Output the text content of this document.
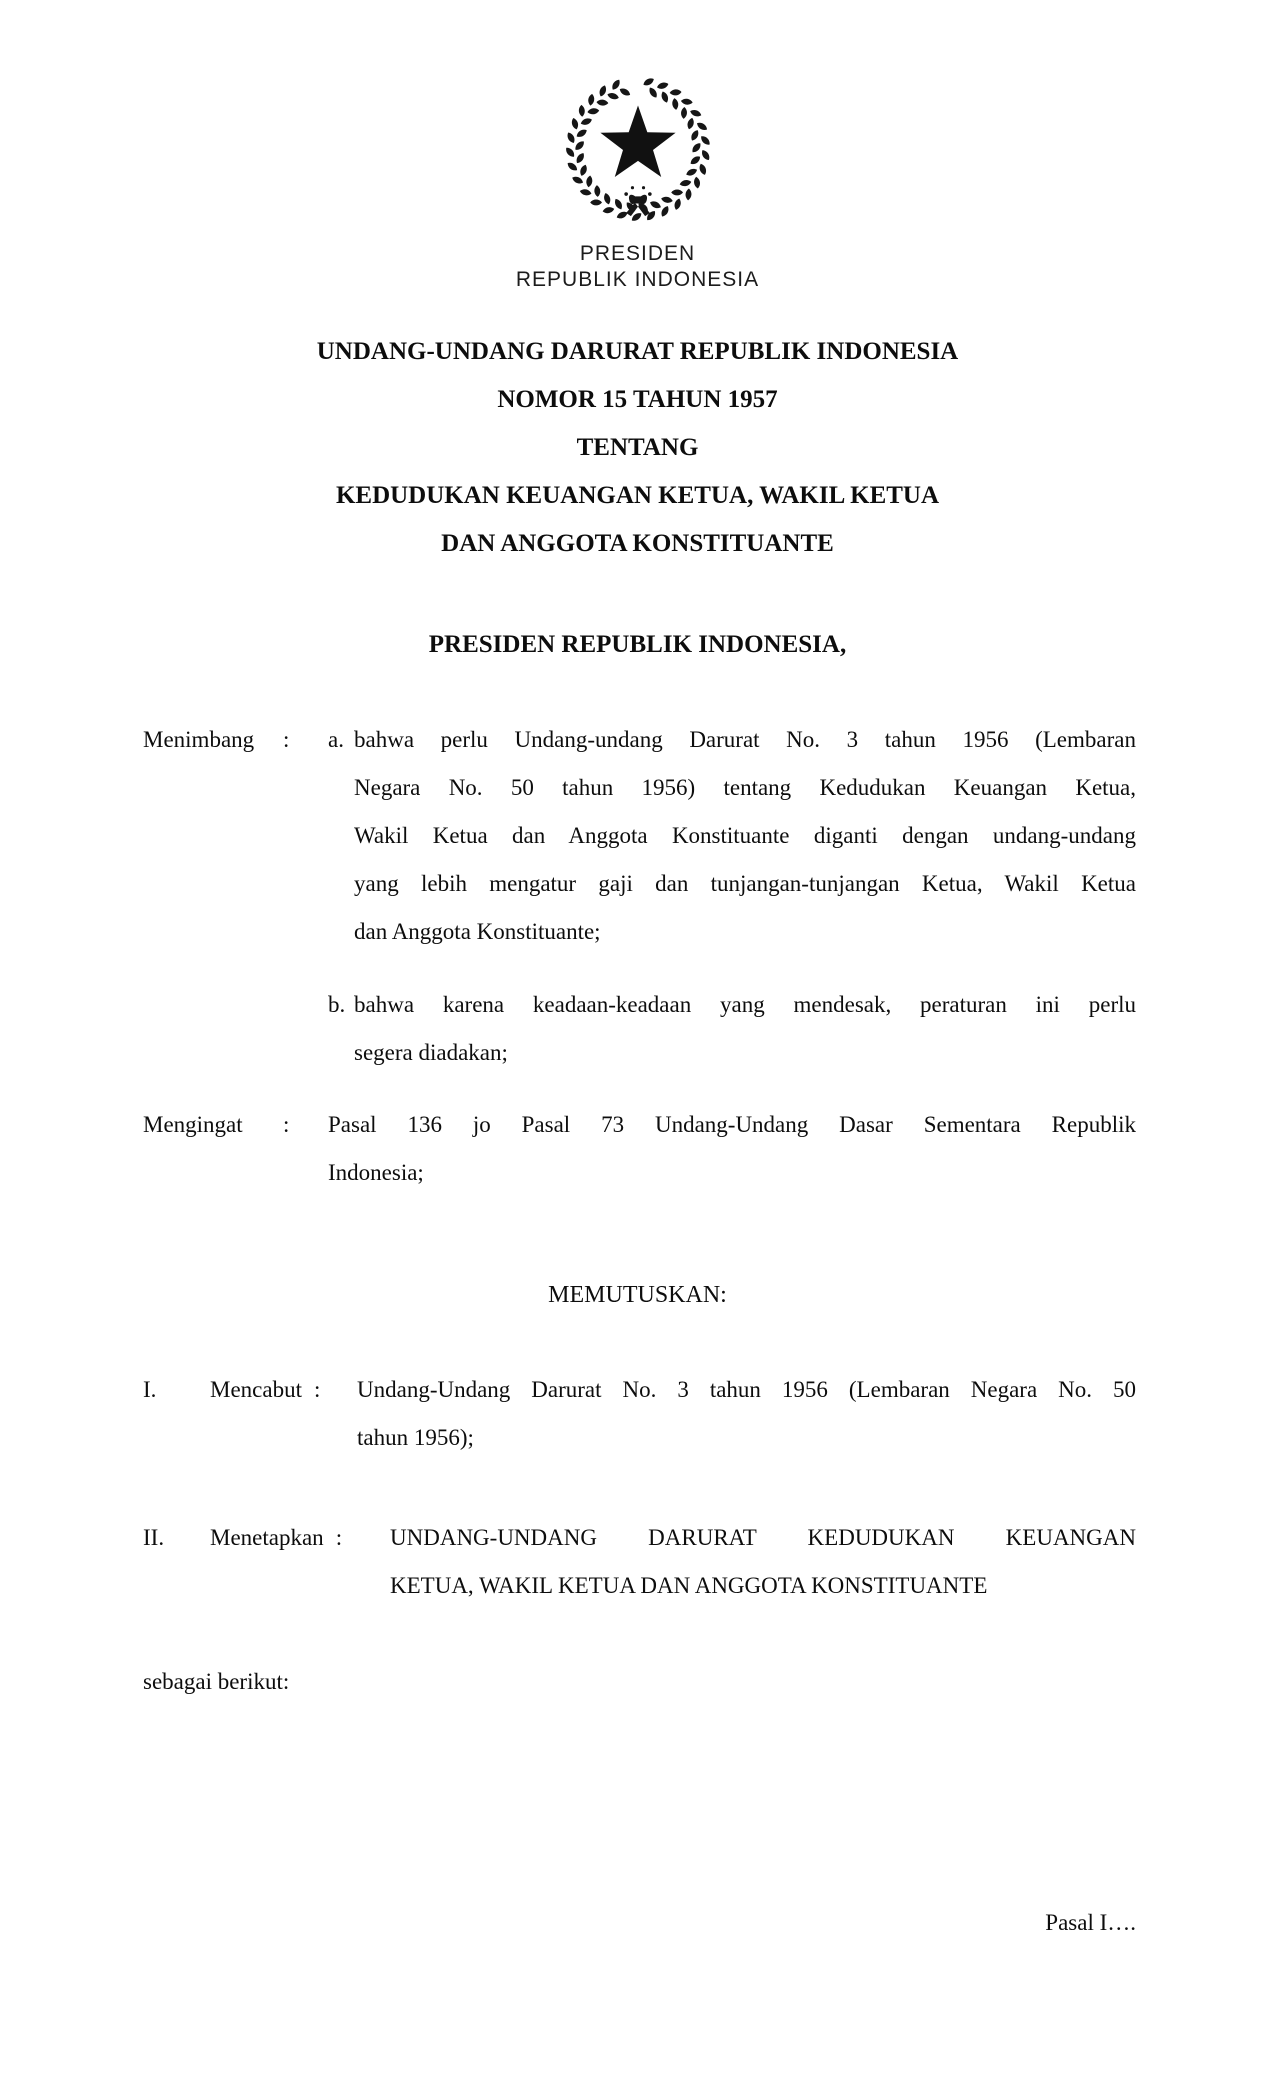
PRESIDEN
REPUBLIK INDONESIA
UNDANG-UNDANG DARURAT REPUBLIK INDONESIA
NOMOR 15 TAHUN 1957
TENTANG
KEDUDUKAN KEUANGAN KETUA, WAKIL KETUA
DAN ANGGOTA KONSTITUANTE
PRESIDEN REPUBLIK INDONESIA,
Menimbang	:	a. bahwa perlu Undang-undang Darurat No. 3 tahun 1956 (Lembaran
Negara No. 50 tahun 1956) tentang Kedudukan Keuangan Ketua,
Wakil Ketua dan Anggota Konstituante diganti dengan undang-undang
yang lebih mengatur gaji dan tunjangan-tunjangan Ketua, Wakil Ketua
dan Anggota Konstituante;
b. bahwa karena keadaan-keadaan yang mendesak, peraturan ini perlu
segera diadakan;
Mengingat	:	Pasal 136 jo Pasal 73 Undang-Undang Dasar Sementara Republik
Indonesia;
MEMUTUSKAN:
I.	Mencabut :	Undang-Undang Darurat No. 3 tahun 1956 (Lembaran Negara No. 50
tahun 1956);
II.	Menetapkan :	UNDANG-UNDANG DARURAT KEDUDUKAN KEUANGAN
KETUA, WAKIL KETUA DAN ANGGOTA KONSTITUANTE
sebagai berikut:
Pasal I….
